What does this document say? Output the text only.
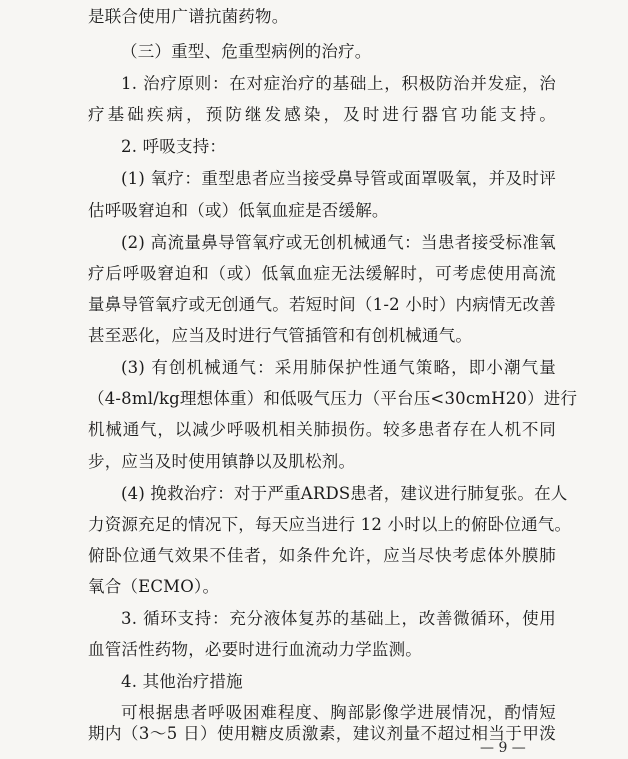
是联合使用广谱抗菌药物。
（三）重型、危重型病例的治疗。
1. 治疗原则：在对症治疗的基础上，积极防治并发症，治
疗基础疾病，预防继发感染，及时进行器官功能支持。
2. 呼吸支持：
(1) 氧疗：重型患者应当接受鼻导管或面罩吸氧，并及时评
估呼吸窘迫和（或）低氧血症是否缓解。
(2) 高流量鼻导管氧疗或无创机械通气：当患者接受标准氧
疗后呼吸窘迫和（或）低氧血症无法缓解时，可考虑使用高流
量鼻导管氧疗或无创通气。若短时间（1-2 小时）内病情无改善
甚至恶化，应当及时进行气管插管和有创机械通气。
(3) 有创机械通气：采用肺保护性通气策略，即小潮气量
（4-8ml/kg理想体重）和低吸气压力（平台压<30cmH20）进行
机械通气，以减少呼吸机相关肺损伤。较多患者存在人机不同
步，应当及时使用镇静以及肌松剂。
(4) 挽救治疗：对于严重ARDS患者，建议进行肺复张。在人
力资源充足的情况下，每天应当进行 12 小时以上的俯卧位通气。
俯卧位通气效果不佳者，如条件允许，应当尽快考虑体外膜肺
氧合（ECMO）。
3. 循环支持：充分液体复苏的基础上，改善微循环，使用
血管活性药物，必要时进行血流动力学监测。
4. 其他治疗措施
可根据患者呼吸困难程度、胸部影像学进展情况，酌情短
期内（3～5 日）使用糖皮质激素，建议剂量不超过相当于甲泼
— 9 —
